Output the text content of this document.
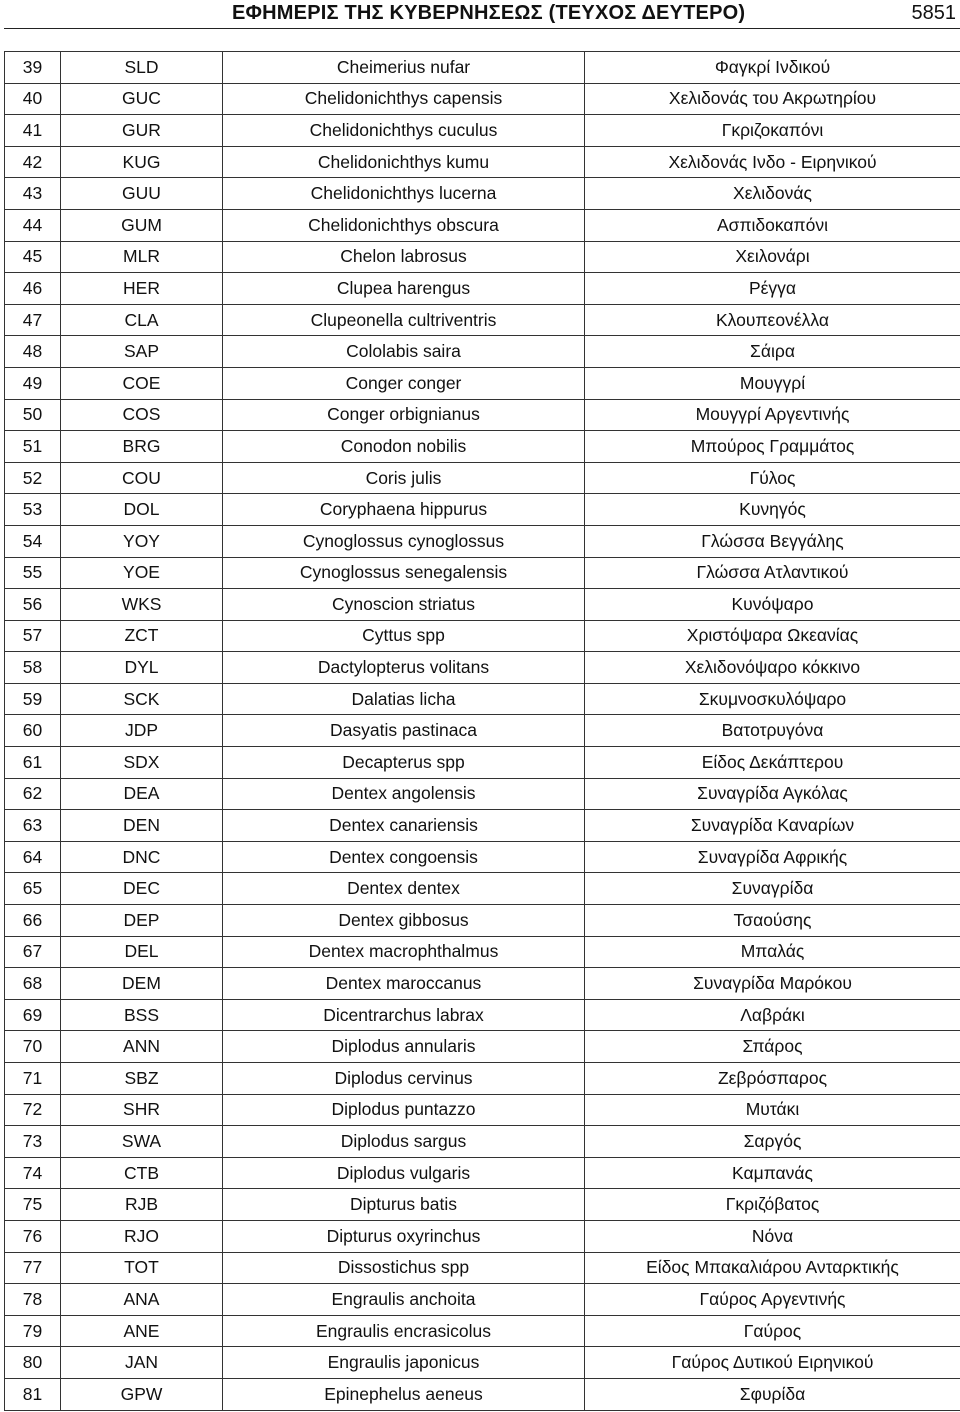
ΕΦΗΜΕΡΙΣ ΤΗΣ ΚΥΒΕΡΝΗΣΕΩΣ (ΤΕΥΧΟΣ ΔΕΥΤΕΡΟ)	5851
39	SLD	Cheimerius nufar	Φαγκρί Ινδικού
40	GUC	Chelidonichthys capensis	Χελιδονάς του Ακρωτηρίου
41	GUR	Chelidonichthys cuculus	Γκριζοκαπόνι
42	KUG	Chelidonichthys kumu	Χελιδονάς Ινδο - Ειρηνικού
43	GUU	Chelidonichthys lucerna	Χελιδονάς
44	GUM	Chelidonichthys obscura	Ασπιδοκαπόνι
45	MLR	Chelon labrosus	Χειλονάρι
46	HER	Clupea harengus	Ρέγγα
47	CLA	Clupeonella cultriventris	Κλουπεονέλλα
48	SAP	Cololabis saira	Σάιρα
49	COE	Conger conger	Μουγγρί
50	COS	Conger orbignianus	Μουγγρί Αργεντινής
51	BRG	Conodon nobilis	Μπούρος Γραμμάτος
52	COU	Coris julis	Γύλος
53	DOL	Coryphaena hippurus	Κυνηγός
54	YOY	Cynoglossus cynoglossus	Γλώσσα Βεγγάλης
55	YOE	Cynoglossus senegalensis	Γλώσσα Ατλαντικού
56	WKS	Cynoscion striatus	Κυνόψαρο
57	ZCT	Cyttus spp	Χριστόψαρα Ωκεανίας
58	DYL	Dactylopterus volitans	Χελιδονόψαρο κόκκινο
59	SCK	Dalatias licha	Σκυμνοσκυλόψαρο
60	JDP	Dasyatis pastinaca	Βατοτρυγόνα
61	SDX	Decapterus spp	Είδος Δεκάπτερου
62	DEA	Dentex angolensis	Συναγρίδα Αγκόλας
63	DEN	Dentex canariensis	Συναγρίδα Καναρίων
64	DNC	Dentex congoensis	Συναγρίδα Αφρικής
65	DEC	Dentex dentex	Συναγρίδα
66	DEP	Dentex gibbosus	Τσαούσης
67	DEL	Dentex macrophthalmus	Μπαλάς
68	DEM	Dentex maroccanus	Συναγρίδα Μαρόκου
69	BSS	Dicentrarchus labrax	Λαβράκι
70	ANN	Diplodus annularis	Σπάρος
71	SBZ	Diplodus cervinus	Ζεβρόσπαρος
72	SHR	Diplodus puntazzo	Μυτάκι
73	SWA	Diplodus sargus	Σαργός
74	CTB	Diplodus vulgaris	Καμπανάς
75	RJB	Dipturus batis	Γκριζόβατος
76	RJO	Dipturus oxyrinchus	Νόνα
77	TOT	Dissostichus spp	Είδος Μπακαλιάρου Ανταρκτικής
78	ANA	Engraulis anchoita	Γαύρος Αργεντινής
79	ANE	Engraulis encrasicolus	Γαύρος
80	JAN	Engraulis japonicus	Γαύρος Δυτικού Ειρηνικού
81	GPW	Epinephelus aeneus	Σφυρίδα
